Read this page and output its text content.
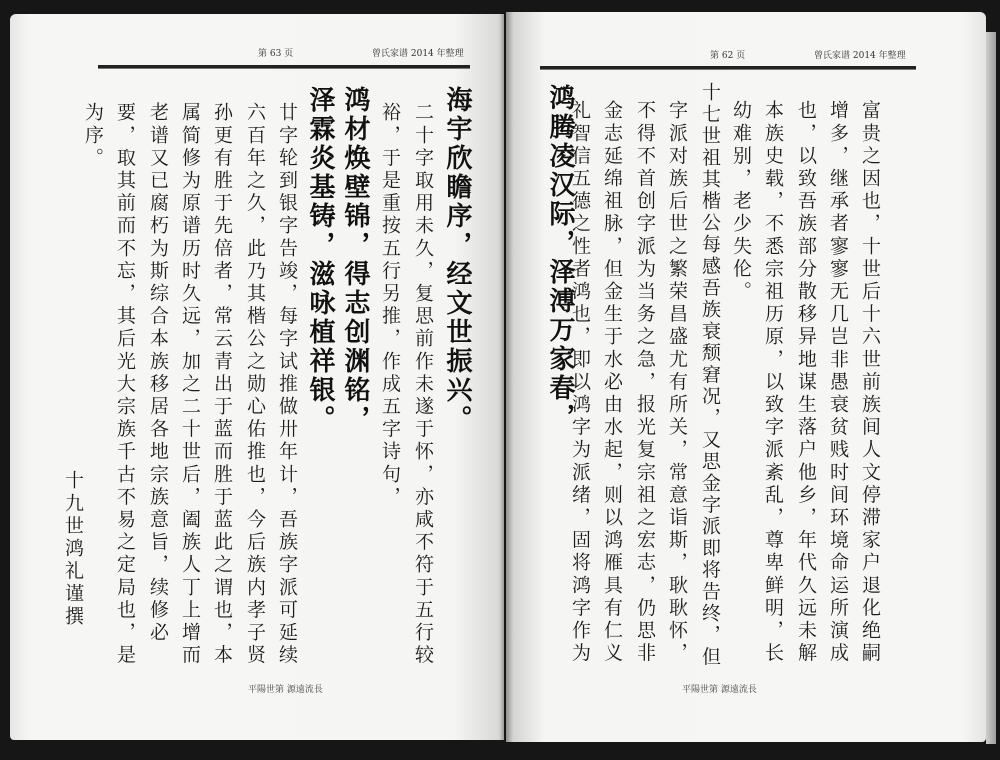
第 63 页	曾氏家谱 2014 年整理
海宇欣瞻序，经文世振兴。
二十字取用未久，复思前作未遂于怀，亦咸不符于五行较
裕，于是重按五行另推，作成五字诗句，
鸿材焕壁锦，得志创渊铭，
泽霖炎基铸，滋咏植祥银。
廿字轮到银字告竣，每字试推做卅年计，吾族字派可延续
六百年之久，此乃其楷公之勋心佑推也，今后族内孝子贤
孙更有胜于先倍者，常云青出于蓝而胜于蓝此之谓也，本
属简修为原谱历时久远，加之二十世后，阖族人丁上增而
老谱又已腐朽为斯综合本族移居各地宗族意旨，续修必
要，取其前而不忘，其后光大宗族千古不易之定局也，是
为序。
十九世鸿礼谨撰
平陽世第 源遠流長
第 62 页	曾氏家谱 2014 年整理
富贵之因也，十世后十六世前族间人文停滞家户退化绝嗣
增多，继承者寥寥无几岂非愚衰贫贱时间环境命运所演成
也，以致吾族部分散移异地谋生落户他乡，年代久远未解
本族史载，不悉宗祖历原，以致字派紊乱，尊卑鲜明，长
幼难别，老少失伦。
十七世祖其楷公每感吾族衰颓窘况，又思金字派即将告终，但
字派对族后世之繁荣昌盛尤有所关，常意诣斯，耿耿怀，
不得不首创字派为当务之急，报光复宗祖之宏志，仍思非
金志延绵祖脉，但金生于水必由水起，则以鸿雁具有仁义
礼智信五德之性者鸿也，即以鸿字为派绪，固将鸿字作为
鸿腾凌汉际，泽溥万家春，
平陽世第 源遠流長
